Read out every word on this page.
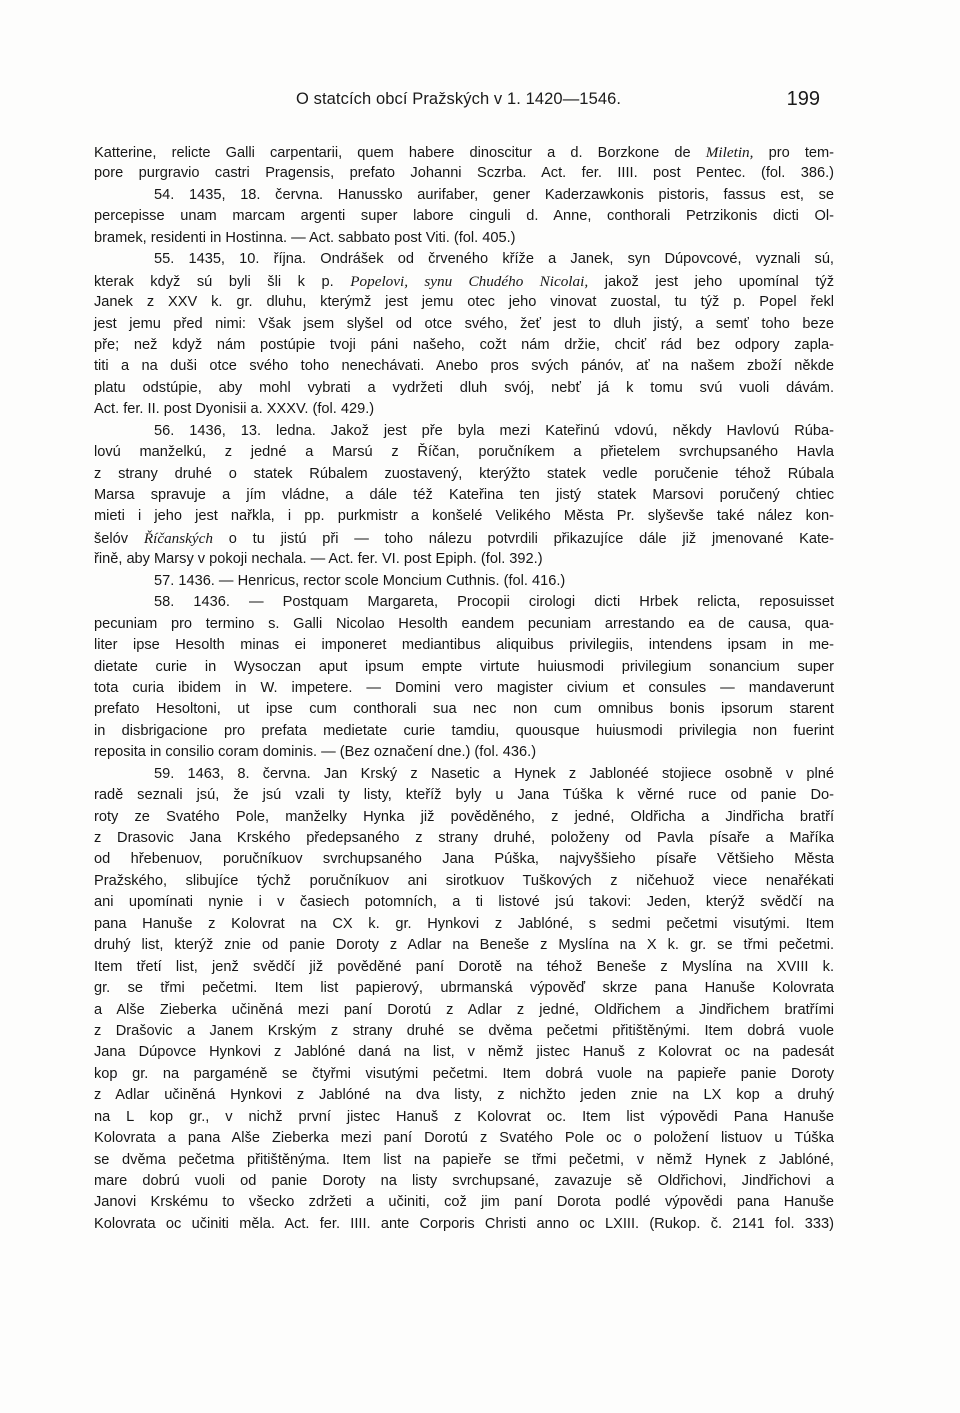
O statcích obcí Pražských v 1. 1420—1546.	199
Katterine, relicte Galli carpentarii, quem habere dinoscitur a d. Borzkone de Miletin, pro tem-
pore purgravio castri Pragensis, prefato Johanni Sczrba. Act. fer. IIII. post Pentec. (fol. 386.)
54. 1435, 18. června. Hanussko aurifaber, gener Kaderzawkonis pistoris, fassus est, se
percepisse unam marcam argenti super labore cinguli d. Anne, conthorali Petrzikonis dicti Ol-
bramek, residenti in Hostinna. — Act. sabbato post Viti. (fol. 405.)
55. 1435, 10. října. Ondrášek od črveného kříže a Janek, syn Dúpovcové, vyznali sú,
kterak když sú byli šli k p. Popelovi, synu Chudého Nicolai, jakož jest jeho upomínal týž
Janek z XXV k. gr. dluhu, kterýmž jest jemu otec jeho vinovat zuostal, tu týž p. Popel řekl
jest jemu před nimi: Však jsem slyšel od otce svého, žeť jest to dluh jistý, a semť toho beze
pře; než když nám postúpie tvoji páni našeho, cožt nám držie, chciť rád bez odpory zapla-
titi a na duši otce svého toho nenechávati. Anebo pros svých pánóv, ať na našem zboží někde
platu odstúpie, aby mohl vybrati a vydržeti dluh svój, nebť já k tomu svú vuoli dávám.
Act. fer. II. post Dyonisii a. XXXV. (fol. 429.)
56. 1436, 13. ledna. Jakož jest pře byla mezi Kateřinú vdovú, někdy Havlovú Rúba-
lovú manželkú, z jedné a Marsú z Říčan, poručníkem a přietelem svrchupsaného Havla
z strany druhé o statek Rúbalem zuostavený, kterýžto statek vedle poručenie téhož Rúbala
Marsa spravuje a jím vládne, a dále též Kateřina ten jistý statek Marsovi poručený chtiec
mieti i jeho jest nařkla, i pp. purkmistr a konšelé Velikého Města Pr. slyševše také nález kon-
šelóv Říčanských o tu jistú při — toho nálezu potvrdili přikazujíce dále již jmenované Kate-
řině, aby Marsy v pokoji nechala. — Act. fer. VI. post Epiph. (fol. 392.)
57. 1436. — Henricus, rector scole Moncium Cuthnis. (fol. 416.)
58. 1436. — Postquam Margareta, Procopii cirologi dicti Hrbek relicta, reposuisset
pecuniam pro termino s. Galli Nicolao Hesolth eandem pecuniam arrestando ea de causa, qua-
liter ipse Hesolth minas ei imponeret mediantibus aliquibus privilegiis, intendens ipsam in me-
dietate curie in Wysoczan aput ipsum empte virtute huiusmodi privilegium sonancium super
tota curia ibidem in W. impetere. — Domini vero magister civium et consules — mandaverunt
prefato Hesoltoni, ut ipse cum conthorali sua nec non cum omnibus bonis ipsorum starent
in disbrigacione pro prefata medietate curie tamdiu, quousque huiusmodi privilegia non fuerint
reposita in consilio coram dominis. — (Bez označení dne.) (fol. 436.)
59. 1463, 8. června. Jan Krský z Nasetic a Hynek z Jablonéé stojiece osobně v plné
radě seznali jsú, že jsú vzali ty listy, kteříž byly u Jana Túška k věrné ruce od panie Do-
roty ze Svatého Pole, manželky Hynka již pověděného, z jedné, Oldřicha a Jindřicha bratří
z Drasovic Jana Krského předepsaného z strany druhé, položeny od Pavla písaře a Maříka
od hřebenuov, poručníkuov svrchupsaného Jana Púška, najvyššieho písaře Většieho Města
Pražského, slibujíce týchž poručníkuov ani sirotkuov Tuškových z ničehuož viece nenařékati
ani upomínati nynie i v časiech potomních, a ti listové jsú takovi: Jeden, kterýž svědčí na
pana Hanuše z Kolovrat na CX k. gr. Hynkovi z Jablóné, s sedmi pečetmi visutými. Item
druhý list, kterýž znie od panie Doroty z Adlar na Beneše z Myslína na X k. gr. se třmi pečetmi.
Item třetí list, jenž svědčí již pověděné paní Dorotě na téhož Beneše z Myslína na XVIII k.
gr. se třmi pečetmi. Item list papierový, ubrmanská výpověď skrze pana Hanuše Kolovrata
a Alše Zieberka učiněná mezi paní Dorotú z Adlar z jedné, Oldřichem a Jindřichem bratřími
z Drašovic a Janem Krským z strany druhé se dvěma pečetmi přitištěnými. Item dobrá vuole
Jana Dúpovce Hynkovi z Jablóné daná na list, v němž jistec Hanuš z Kolovrat oc na padesát
kop gr. na pargaméně se čtyřmi visutými pečetmi. Item dobrá vuole na papieře panie Doroty
z Adlar učiněná Hynkovi z Jablóné na dva listy, z nichžto jeden znie na LX kop a druhý
na L kop gr., v nichž první jistec Hanuš z Kolovrat oc. Item list výpovědi Pana Hanuše
Kolovrata a pana Alše Zieberka mezi paní Dorotú z Svatého Pole oc o položení listuov u Túška
se dvěma pečetma přitištěnýma. Item list na papieře se třmi pečetmi, v němž Hynek z Jablóné,
mare dobrú vuoli od panie Doroty na listy svrchupsané, zavazuje sě Oldřichovi, Jindřichovi a
Janovi Krskému to všecko zdržeti a učiniti, což jim paní Dorota podlé výpovědi pana Hanuše
Kolovrata oc učiniti měla. Act. fer. IIII. ante Corporis Christi anno oc LXIII. (Rukop. č. 2141 fol. 333)
